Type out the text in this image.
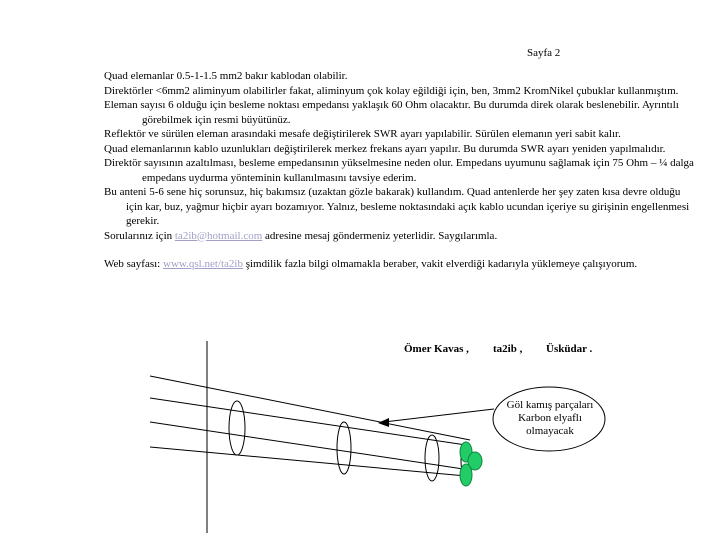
Sayfa 2

Quad elemanlar 0.5-1-1.5 mm2 bakır kablodan olabilir.

Direktörler <6mm2 aliminyum olabilirler fakat, aliminyum çok kolay eğildiği için, ben, 3mm2 KromNikel çubuklar kullanmıştım.

Eleman sayısı 6 olduğu için besleme noktası empedansı yaklaşık 60 Ohm olacaktır. Bu durumda direk olarak beslenebilir. Ayrıntılı görebilmek için resmi büyütünüz.

Reflektör ve sürülen eleman arasındaki mesafe değiştirilerek SWR ayarı yapılabilir. Sürülen elemanın yeri sabit kalır.

Quad elemanlarının kablo uzunlukları değiştirilerek merkez frekans ayarı yapılır. Bu durumda SWR ayarı yeniden yapılmalıdır.

Direktör sayısının azaltılması, besleme empedansının yükselmesine neden olur. Empedans uyumunu sağlamak için 75 Ohm – ¼ dalga empedans uydurma yönteminin kullanılmasını tavsiye ederim.

Bu anteni 5-6 sene hiç sorunsuz, hiç bakımsız (uzaktan gözle bakarak) kullandım. Quad antenlerde her şey zaten kısa devre olduğu için kar, buz, yağmur hiçbir ayarı bozamıyor. Yalnız, besleme noktasındaki açık kablo ucundan içeriye su girişinin engellenmesi gerekir.

Sorularınız için ta2ib@hotmail.com adresine mesaj göndermeniz yeterlidir. Saygılarımla.

Web sayfası: www.qsl.net/ta2ib şimdilik fazla bilgi olmamakla beraber, vakit elverdiği kadarıyla yüklemeye çalışıyorum.

Ömer Kavas , ta2ib , Üsküdar .
Göl kamış parçaları
Karbon elyaflı
olmayacak
